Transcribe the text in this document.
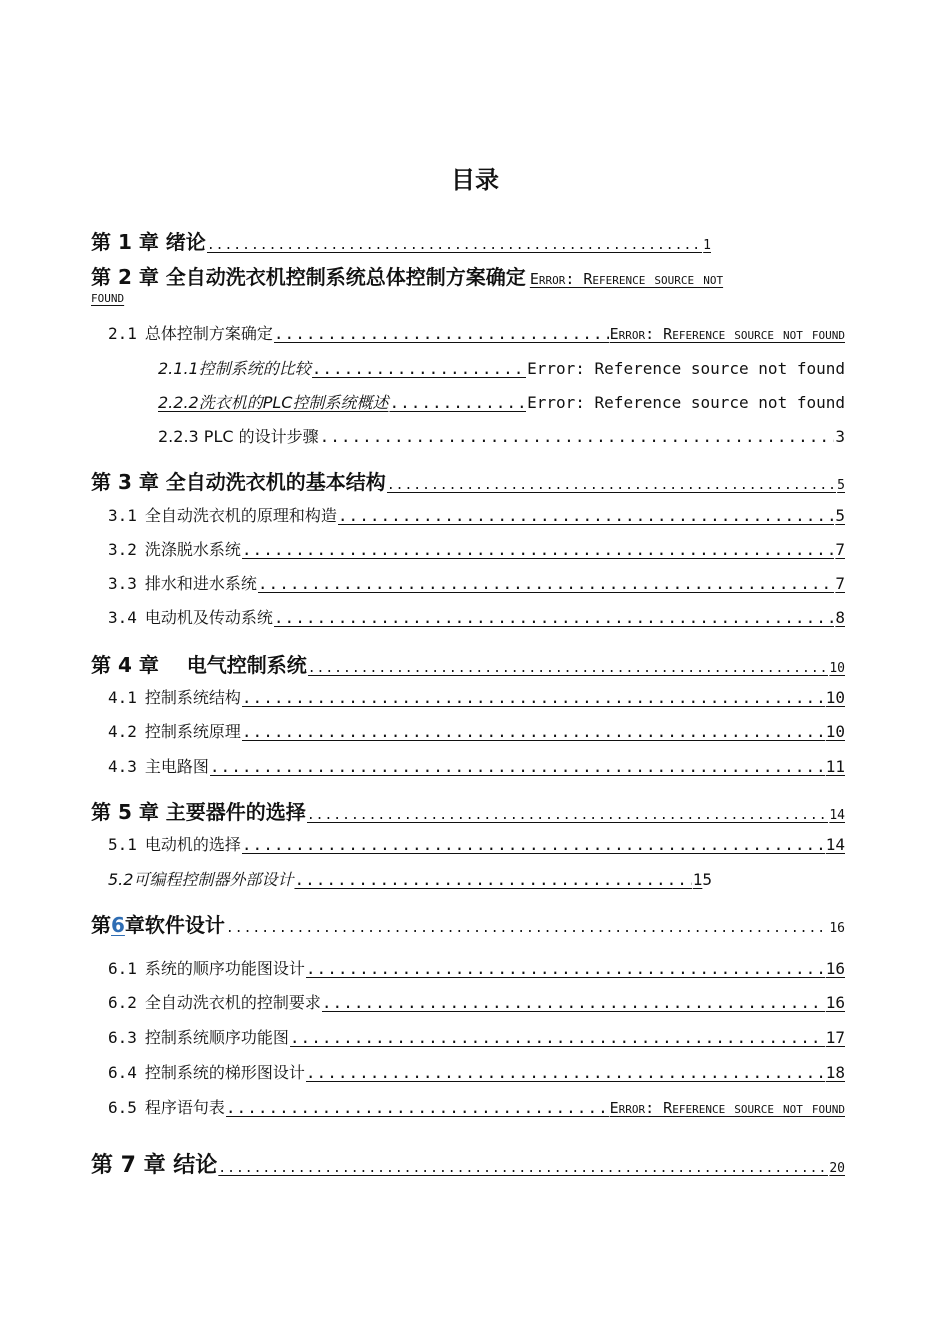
目录
第 1 章 绪论 .....	1
第 2 章 全自动洗衣机控制系统总体控制方案确定 Error: Reference source not
found
2.1 总体控制方案确定 .....	Error: Reference source not found
2.1.1控制系统的比较 .....	Error: Reference source not found
2.2.2洗衣机的PLC控制系统概述 .....	Error: Reference source not found
2.2.3 PLC 的设计步骤 .....	3
第 3 章 全自动洗衣机的基本结构 .....	5
3.1 全自动洗衣机的原理和构造 .....	5
3.2 洗涤脱水系统 .....	7
3.3 排水和进水系统 .....	7
3.4 电动机及传动系统 .....	8
第 4 章    电气控制系统 .....	10
4.1 控制系统结构 .....	10
4.2 控制系统原理 .....	10
4.3 主电路图 .....	11
第 5 章 主要器件的选择 .....	14
5.1 电动机的选择 .....	14
5.2可编程控制器外部设计 .....	15
第6章软件设计 .....	16
6.1 系统的顺序功能图设计 .....	16
6.2 全自动洗衣机的控制要求 .....	16
6.3 控制系统顺序功能图 .....	17
6.4 控制系统的梯形图设计 .....	18
6.5 程序语句表 .....	Error: Reference source not found
第 7 章 结论 .....	20
